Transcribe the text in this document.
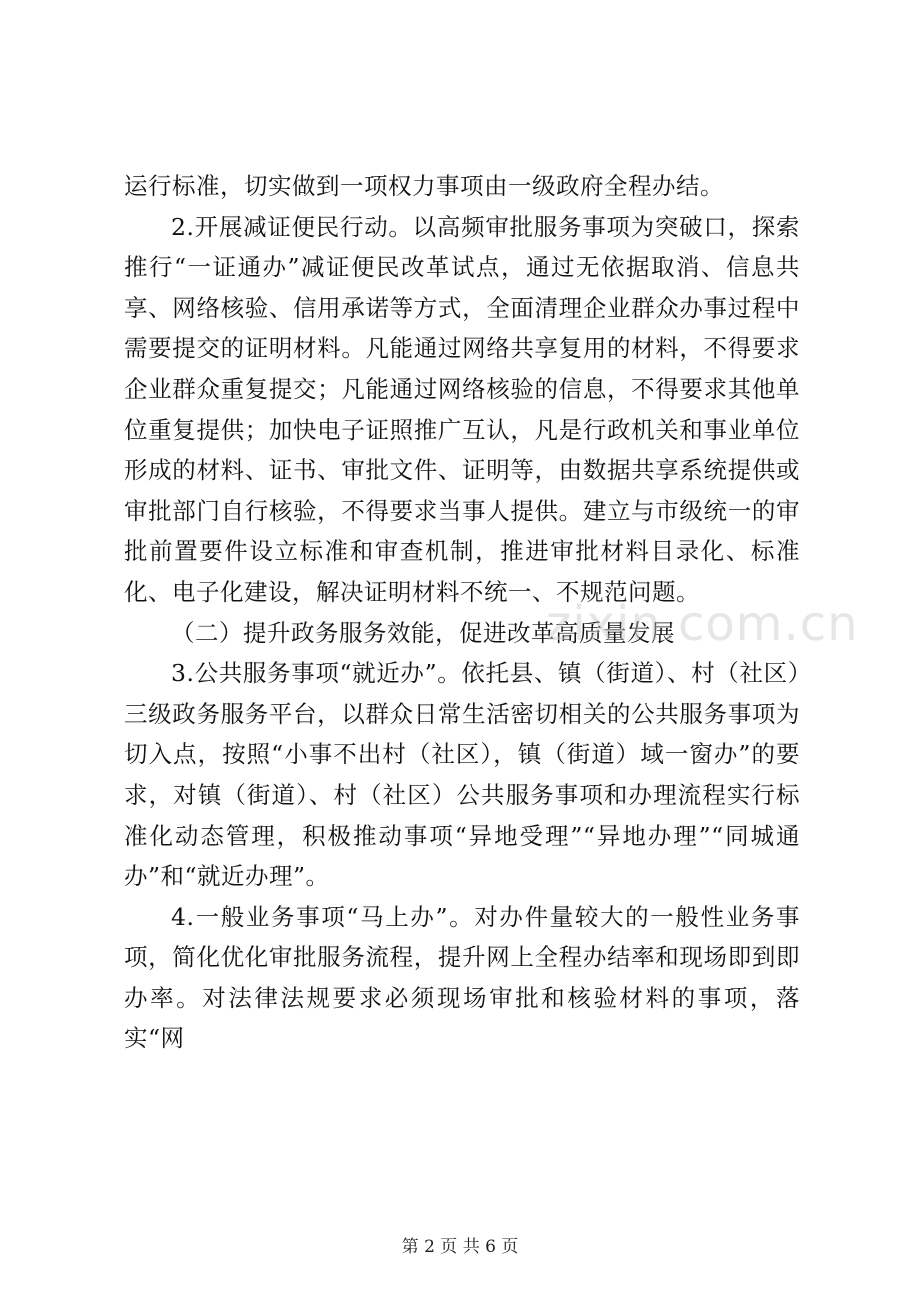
运行标准，切实做到一项权力事项由一级政府全程办结。

2.开展减证便民行动。以高频审批服务事项为突破口，探索推行“一证通办”减证便民改革试点，通过无依据取消、信息共享、网络核验、信用承诺等方式，全面清理企业群众办事过程中需要提交的证明材料。凡能通过网络共享复用的材料，不得要求企业群众重复提交；凡能通过网络核验的信息，不得要求其他单位重复提供；加快电子证照推广互认，凡是行政机关和事业单位形成的材料、证书、审批文件、证明等，由数据共享系统提供或审批部门自行核验，不得要求当事人提供。建立与市级统一的审批前置要件设立标准和审查机制，推进审批材料目录化、标准化、电子化建设，解决证明材料不统一、不规范问题。

（二）提升政务服务效能，促进改革高质量发展

3.公共服务事项“就近办”。依托县、镇（街道）、村（社区）三级政务服务平台，以群众日常生活密切相关的公共服务事项为切入点，按照“小事不出村（社区），镇（街道）域一窗办”的要求，对镇（街道）、村（社区）公共服务事项和办理流程实行标准化动态管理，积极推动事项“异地受理”“异地办理”“同城通办”和“就近办理”。

4.一般业务事项“马上办”。对办件量较大的一般性业务事项，简化优化审批服务流程，提升网上全程办结率和现场即到即办率。对法律法规要求必须现场审批和核验材料的事项，落实“网

zixin.com.cn
第 2 页 共 6 页
